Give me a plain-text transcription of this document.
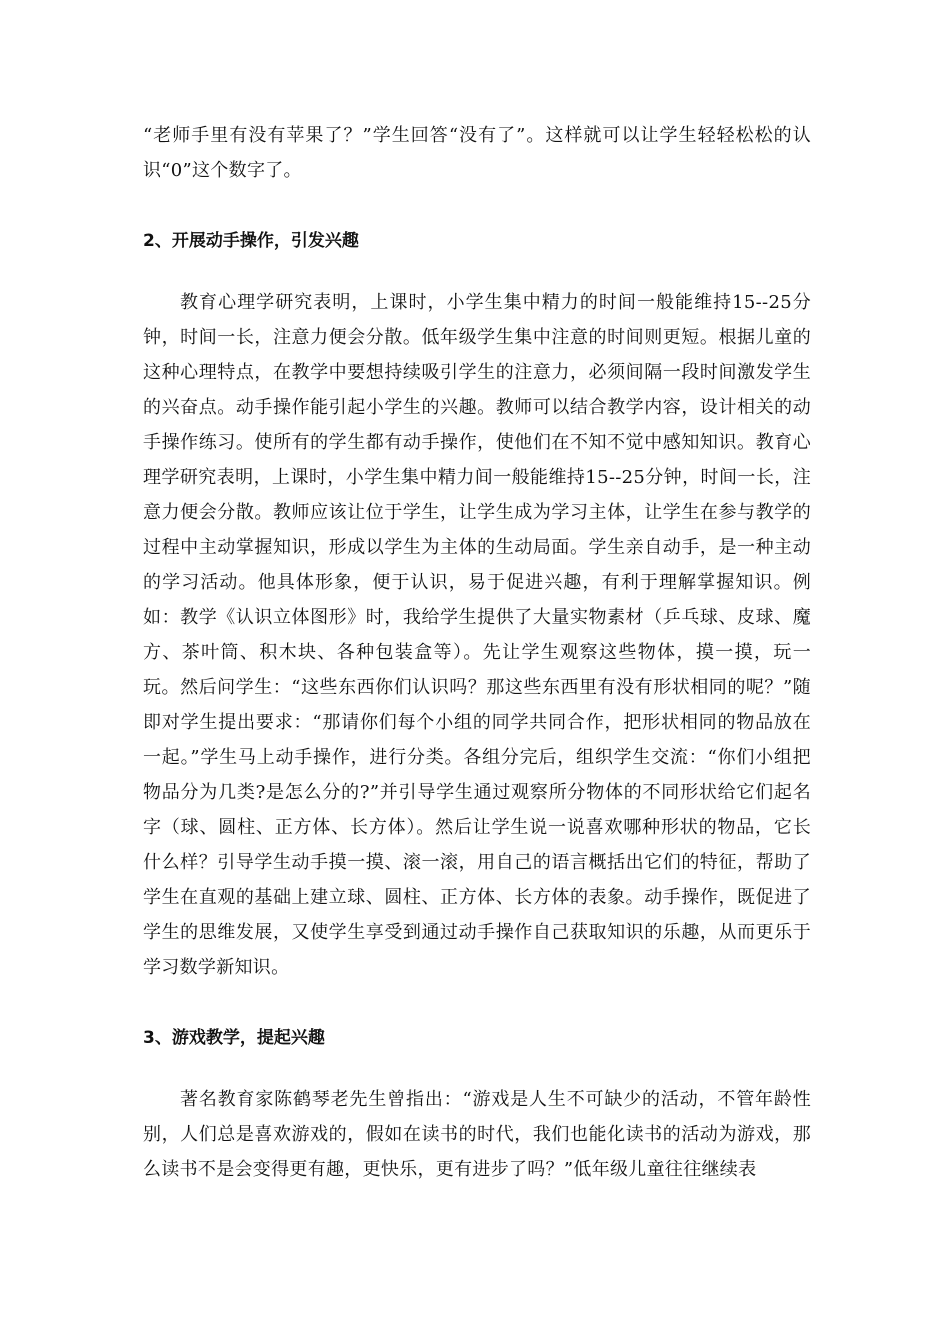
“老师手里有没有苹果了？”学生回答“没有了”。这样就可以让学生轻轻松松的认识“0”这个数字了。

2、开展动手操作，引发兴趣

教育心理学研究表明，上课时，小学生集中精力的时间一般能维持15--25分钟，时间一长，注意力便会分散。低年级学生集中注意的时间则更短。根据儿童的这种心理特点，在教学中要想持续吸引学生的注意力，必须间隔一段时间激发学生的兴奋点。动手操作能引起小学生的兴趣。教师可以结合教学内容，设计相关的动手操作练习。使所有的学生都有动手操作，使他们在不知不觉中感知知识。教育心理学研究表明，上课时，小学生集中精力间一般能维持15--25分钟，时间一长，注意力便会分散。教师应该让位于学生，让学生成为学习主体，让学生在参与教学的过程中主动掌握知识，形成以学生为主体的生动局面。学生亲自动手，是一种主动的学习活动。他具体形象，便于认识，易于促进兴趣，有利于理解掌握知识。例如：教学《认识立体图形》时，我给学生提供了大量实物素材（乒乓球、皮球、魔方、茶叶筒、积木块、各种包装盒等）。先让学生观察这些物体，摸一摸，玩一玩。然后问学生：“这些东西你们认识吗？那这些东西里有没有形状相同的呢？”随即对学生提出要求：“那请你们每个小组的同学共同合作，把形状相同的物品放在一起。”学生马上动手操作，进行分类。各组分完后，组织学生交流：“你们小组把物品分为几类?是怎么分的?”并引导学生通过观察所分物体的不同形状给它们起名字（球、圆柱、正方体、长方体）。然后让学生说一说喜欢哪种形状的物品，它长什么样？引导学生动手摸一摸、滚一滚，用自己的语言概括出它们的特征，帮助了学生在直观的基础上建立球、圆柱、正方体、长方体的表象。动手操作，既促进了学生的思维发展，又使学生享受到通过动手操作自己获取知识的乐趣，从而更乐于学习数学新知识。

3、游戏教学，提起兴趣

著名教育家陈鹤琴老先生曾指出：“游戏是人生不可缺少的活动，不管年龄性别，人们总是喜欢游戏的，假如在读书的时代，我们也能化读书的活动为游戏，那么读书不是会变得更有趣，更快乐，更有进步了吗？”低年级儿童往往继续表
